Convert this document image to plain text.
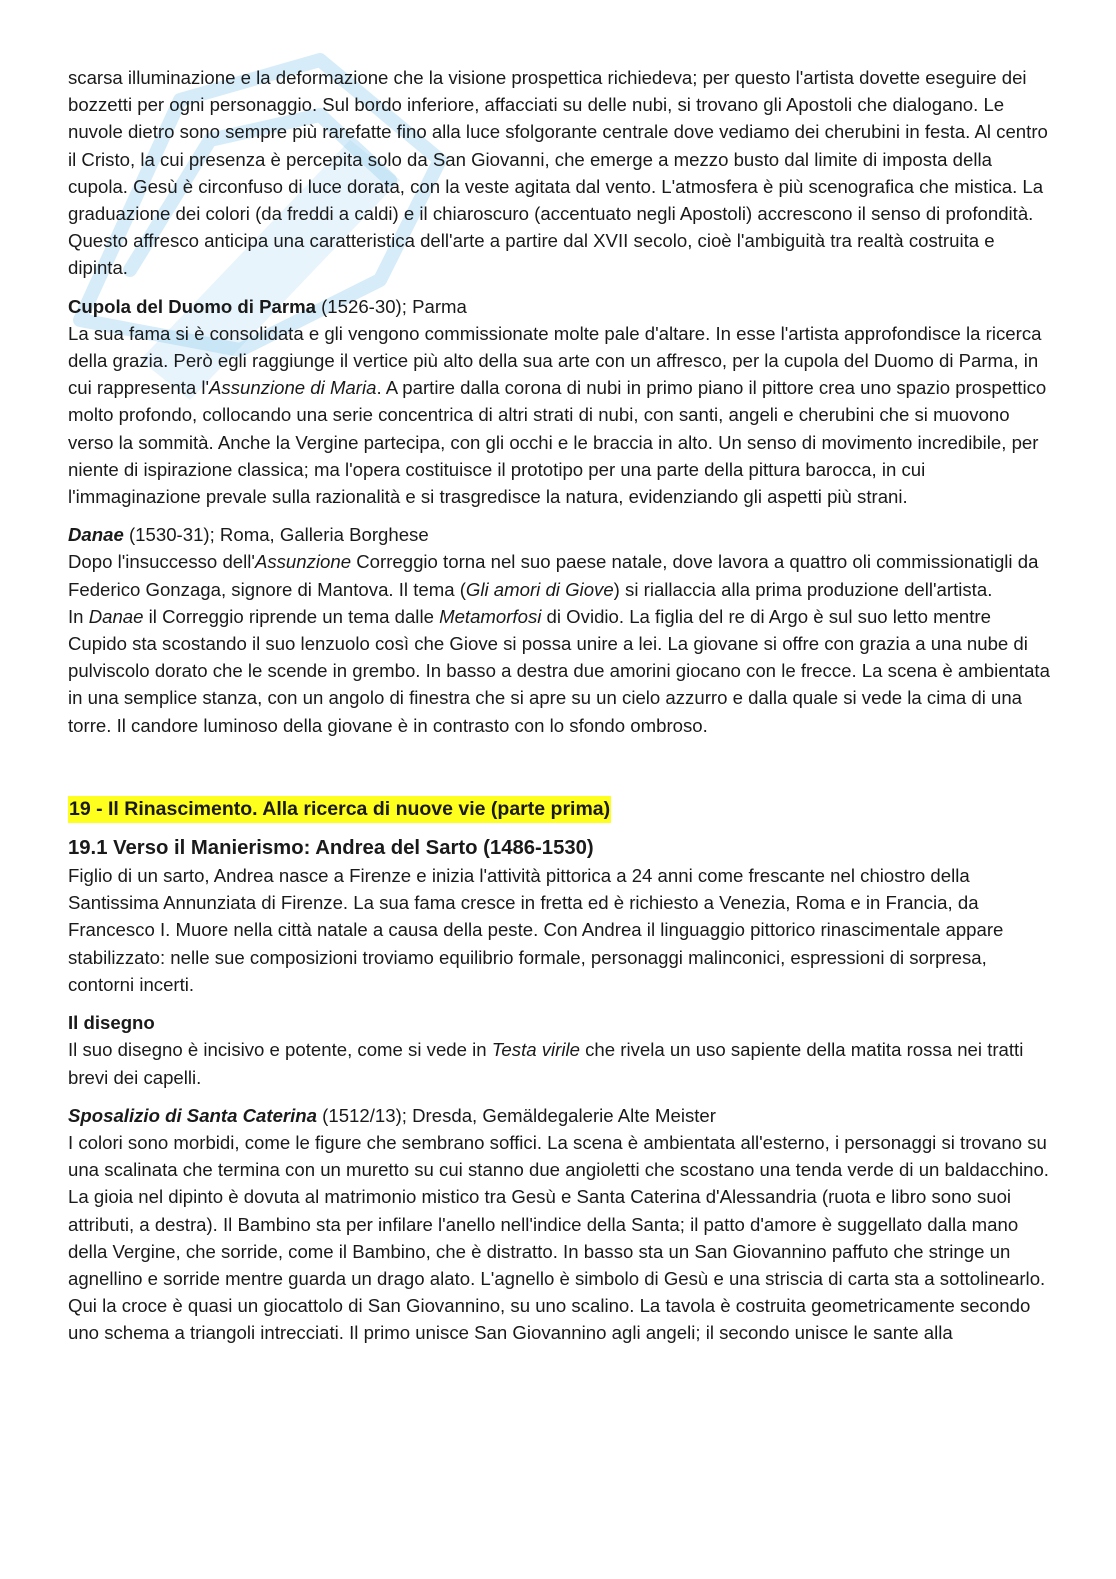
scarsa illuminazione e la deformazione che la visione prospettica richiedeva; per questo l'artista dovette eseguire dei bozzetti per ogni personaggio. Sul bordo inferiore, affacciati su delle nubi, si trovano gli Apostoli che dialogano. Le nuvole dietro sono sempre più rarefatte fino alla luce sfolgorante centrale dove vediamo dei cherubini in festa. Al centro il Cristo, la cui presenza è percepita solo da San Giovanni, che emerge a mezzo busto dal limite di imposta della cupola. Gesù è circonfuso di luce dorata, con la veste agitata dal vento. L'atmosfera è più scenografica che mistica. La graduazione dei colori (da freddi a caldi) e il chiaroscuro (accentuato negli Apostoli) accrescono il senso di profondità. Questo affresco anticipa una caratteristica dell'arte a partire dal XVII secolo, cioè l'ambiguità tra realtà costruita e dipinta.

Cupola del Duomo di Parma (1526-30); Parma

La sua fama si è consolidata e gli vengono commissionate molte pale d'altare. In esse l'artista approfondisce la ricerca della grazia. Però egli raggiunge il vertice più alto della sua arte con un affresco, per la cupola del Duomo di Parma, in cui rappresenta l'Assunzione di Maria. A partire dalla corona di nubi in primo piano il pittore crea uno spazio prospettico molto profondo, collocando una serie concentrica di altri strati di nubi, con santi, angeli e cherubini che si muovono verso la sommità. Anche la Vergine partecipa, con gli occhi e le braccia in alto. Un senso di movimento incredibile, per niente di ispirazione classica; ma l'opera costituisce il prototipo per una parte della pittura barocca, in cui l'immaginazione prevale sulla razionalità e si trasgredisce la natura, evidenziando gli aspetti più strani.

Danae (1530-31); Roma, Galleria Borghese

Dopo l'insuccesso dell'Assunzione Correggio torna nel suo paese natale, dove lavora a quattro oli commissionatigli da Federico Gonzaga, signore di Mantova. Il tema (Gli amori di Giove) si riallaccia alla prima produzione dell'artista.

In Danae il Correggio riprende un tema dalle Metamorfosi di Ovidio. La figlia del re di Argo è sul suo letto mentre Cupido sta scostando il suo lenzuolo così che Giove si possa unire a lei. La giovane si offre con grazia a una nube di pulviscolo dorato che le scende in grembo. In basso a destra due amorini giocano con le frecce. La scena è ambientata in una semplice stanza, con un angolo di finestra che si apre su un cielo azzurro e dalla quale si vede la cima di una torre. Il candore luminoso della giovane è in contrasto con lo sfondo ombroso.

19 - Il Rinascimento. Alla ricerca di nuove vie (parte prima)

19.1 Verso il Manierismo: Andrea del Sarto (1486-1530)

Figlio di un sarto, Andrea nasce a Firenze e inizia l'attività pittorica a 24 anni come frescante nel chiostro della Santissima Annunziata di Firenze. La sua fama cresce in fretta ed è richiesto a Venezia, Roma e in Francia, da Francesco I. Muore nella città natale a causa della peste. Con Andrea il linguaggio pittorico rinascimentale appare stabilizzato: nelle sue composizioni troviamo equilibrio formale, personaggi malinconici, espressioni di sorpresa, contorni incerti.

Il disegno

Il suo disegno è incisivo e potente, come si vede in Testa virile che rivela un uso sapiente della matita rossa nei tratti brevi dei capelli.

Sposalizio di Santa Caterina (1512/13); Dresda, Gemäldegalerie Alte Meister

I colori sono morbidi, come le figure che sembrano soffici. La scena è ambientata all'esterno, i personaggi si trovano su una scalinata che termina con un muretto su cui stanno due angioletti che scostano una tenda verde di un baldacchino. La gioia nel dipinto è dovuta al matrimonio mistico tra Gesù e Santa Caterina d'Alessandria (ruota e libro sono suoi attributi, a destra). Il Bambino sta per infilare l'anello nell'indice della Santa; il patto d'amore è suggellato dalla mano della Vergine, che sorride, come il Bambino, che è distratto. In basso sta un San Giovannino paffuto che stringe un agnellino e sorride mentre guarda un drago alato. L'agnello è simbolo di Gesù e una striscia di carta sta a sottolinearlo. Qui la croce è quasi un giocattolo di San Giovannino, su uno scalino. La tavola è costruita geometricamente secondo uno schema a triangoli intrecciati. Il primo unisce San Giovannino agli angeli; il secondo unisce le sante alla
